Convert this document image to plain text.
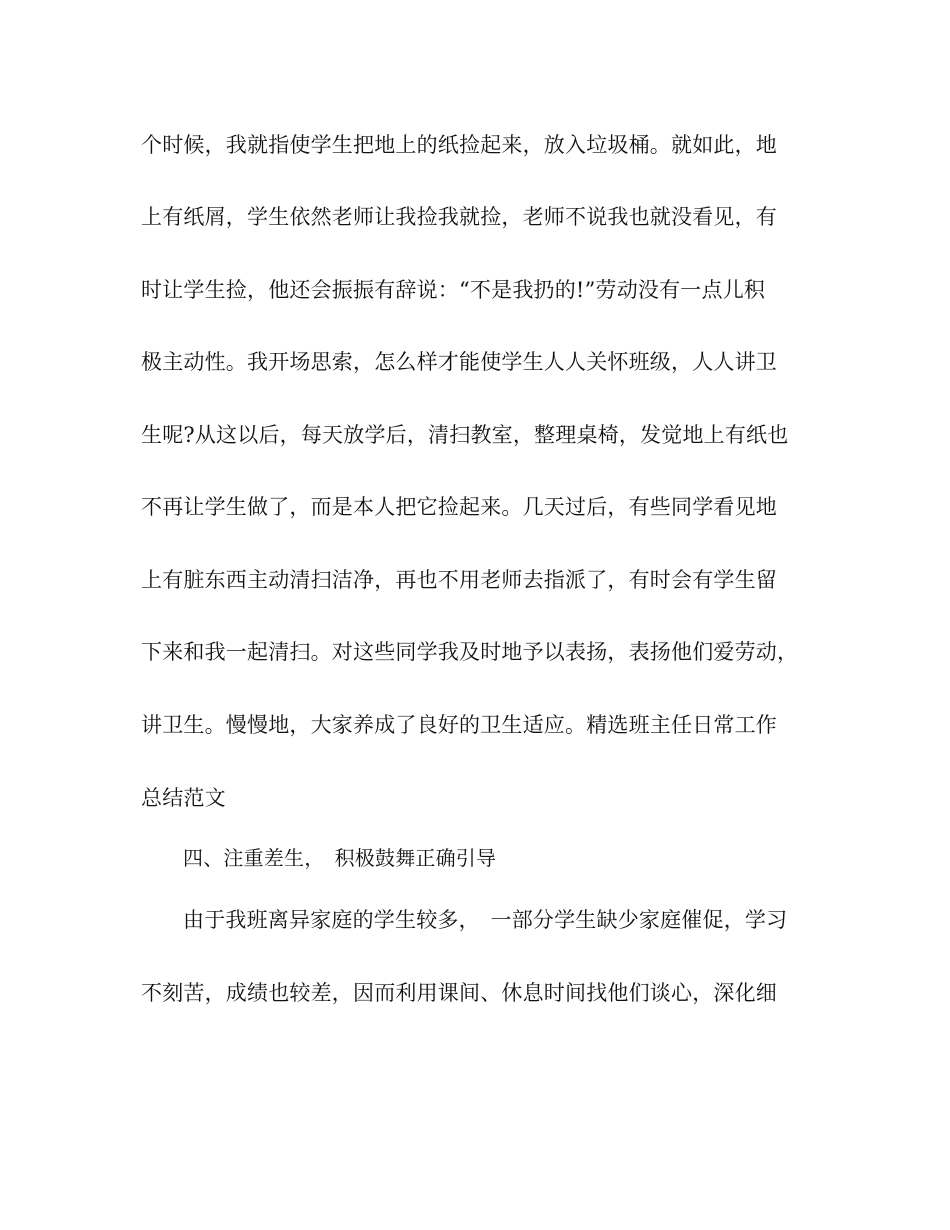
个时候，我就指使学生把地上的纸捡起来，放入垃圾桶。就如此，地
上有纸屑，学生依然老师让我捡我就捡，老师不说我也就没看见，有
时让学生捡，他还会振振有辞说：“不是我扔的!”劳动没有一点儿积
极主动性。我开场思索，怎么样才能使学生人人关怀班级，人人讲卫
生呢?从这以后，每天放学后，清扫教室，整理桌椅，发觉地上有纸也
不再让学生做了，而是本人把它捡起来。几天过后，有些同学看见地
上有脏东西主动清扫洁净，再也不用老师去指派了，有时会有学生留
下来和我一起清扫。对这些同学我及时地予以表扬，表扬他们爱劳动，
讲卫生。慢慢地，大家养成了良好的卫生适应。精选班主任日常工作
总结范文
四、注重差生，　积极鼓舞正确引导
由于我班离异家庭的学生较多，　一部分学生缺少家庭催促，学习
不刻苦，成绩也较差，因而利用课间、休息时间找他们谈心，深化细
